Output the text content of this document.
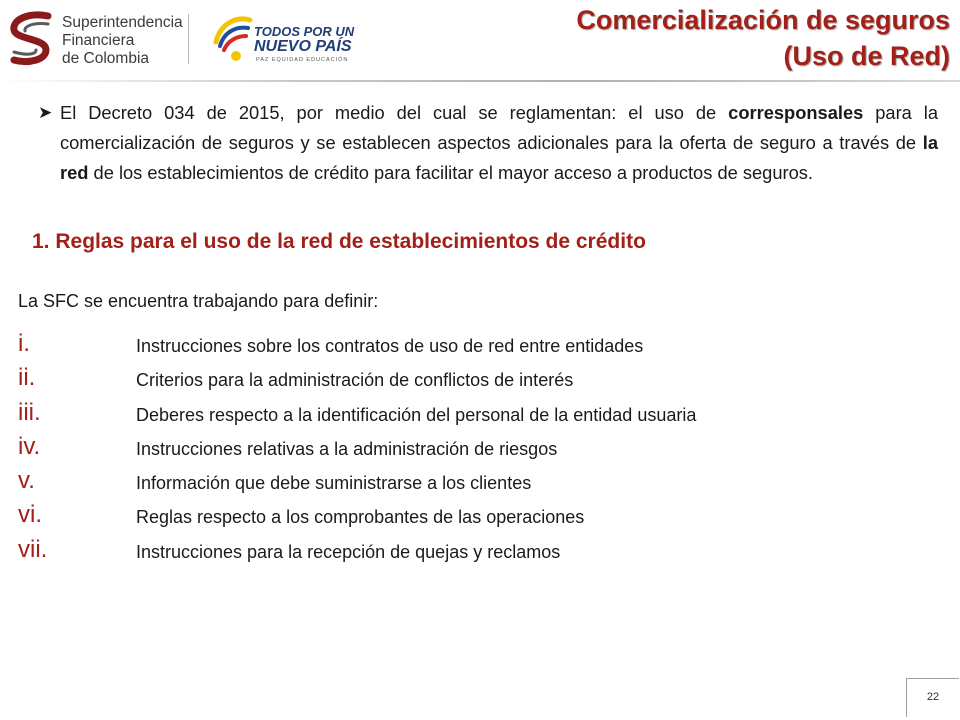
Superintendencia
Financiera
de Colombia
TODOS POR UN
NUEVO PAÍS
PAZ EQUIDAD EDUCACIÓN
Comercialización de seguros
(Uso de Red)
➤ El Decreto 034 de 2015, por medio del cual se reglamentan: el uso de corresponsales para la comercialización de seguros y se establecen aspectos adicionales para la oferta de seguro a través de la red de los establecimientos de crédito para facilitar el mayor acceso a productos de seguros.
1. Reglas para el uso de la red de establecimientos de crédito
La SFC se encuentra trabajando para definir:
i.	Instrucciones sobre los contratos de uso de red entre entidades
ii.	Criterios para la administración de conflictos de interés
iii.	Deberes respecto a la identificación del personal de la entidad usuaria
iv.	Instrucciones relativas a la administración de riesgos
v.	Información que debe suministrarse a los clientes
vi.	Reglas respecto a los comprobantes de las operaciones
vii.	Instrucciones para la recepción de quejas y reclamos
22
